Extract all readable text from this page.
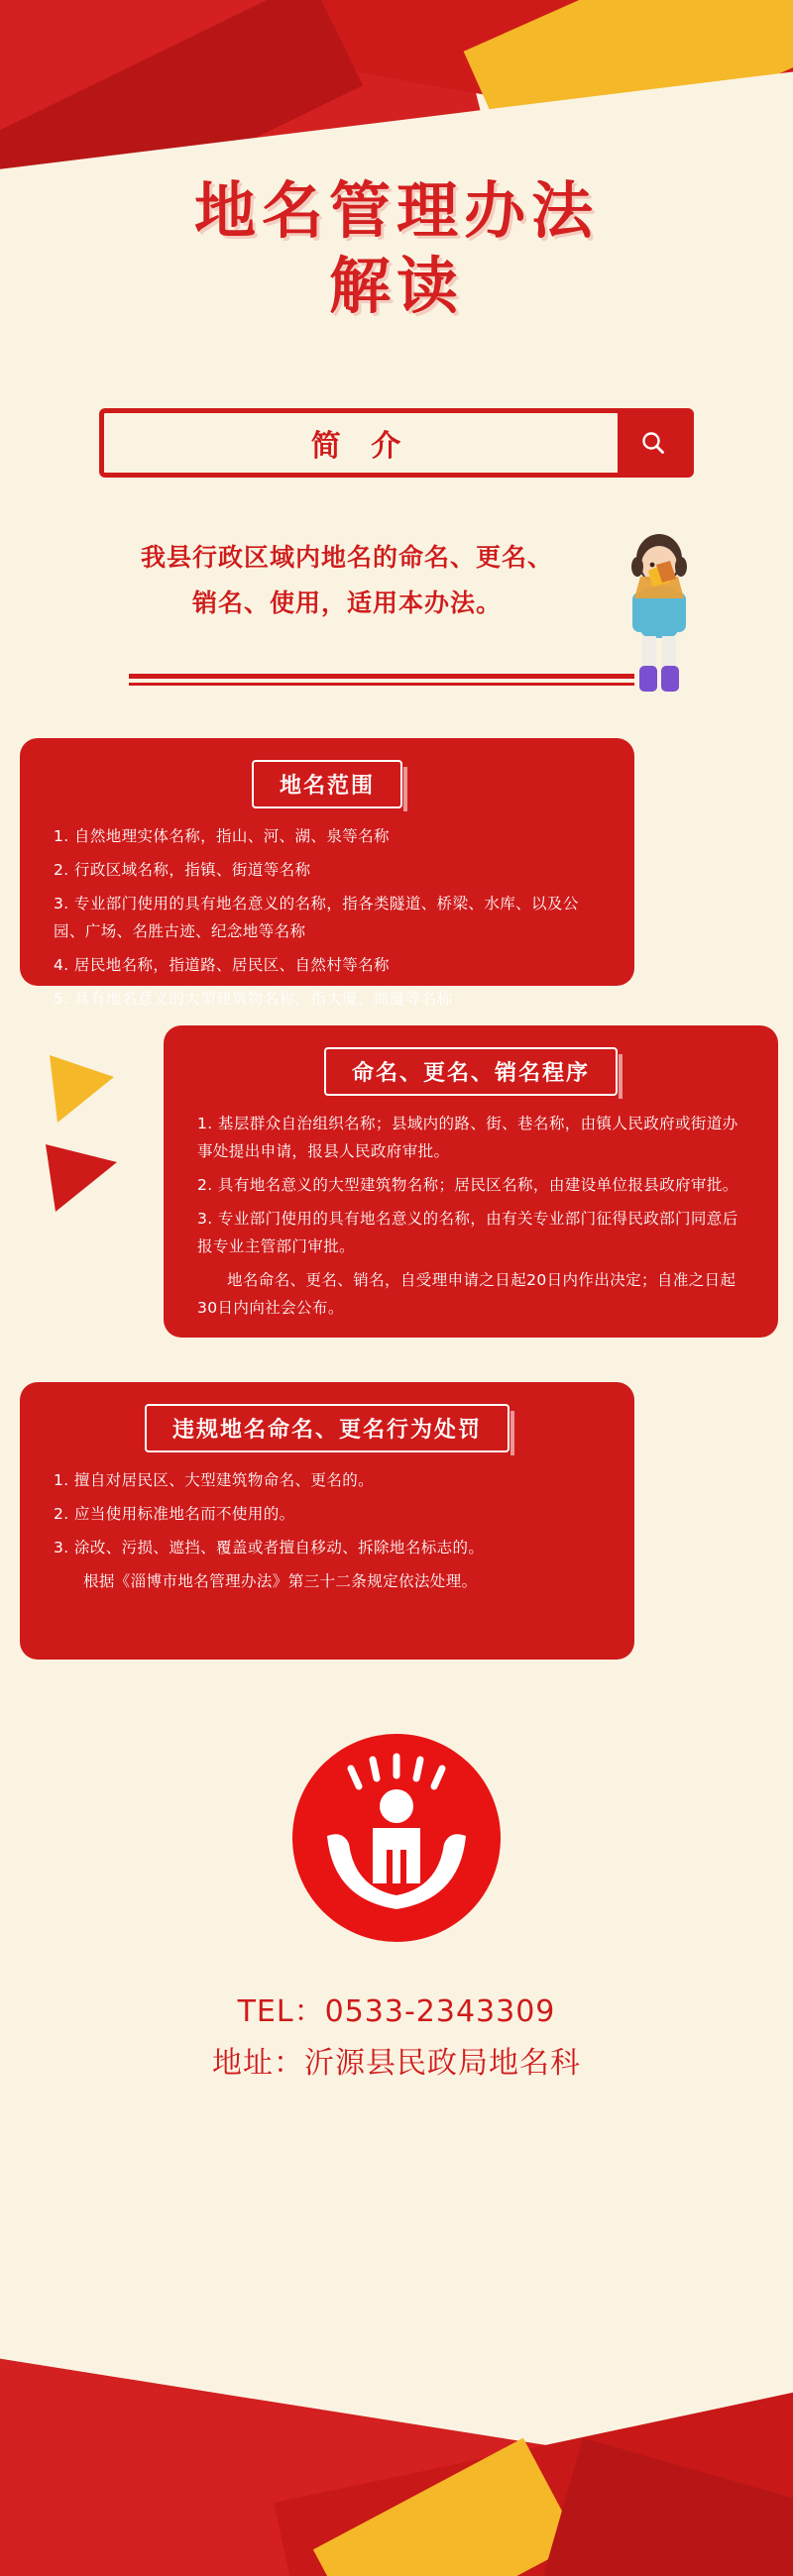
地名管理办法
解读
简 介
我县行政区域内地名的命名、更名、
销名、使用，适用本办法。
地名范围

1. 自然地理实体名称，指山、河、湖、泉等名称

2. 行政区域名称，指镇、街道等名称

3. 专业部门使用的具有地名意义的名称，指各类隧道、桥梁、水库、以及公园、广场、名胜古迹、纪念地等名称

4. 居民地名称，指道路、居民区、自然村等名称

5. 具有地名意义的大型建筑物名称，指大厦、商厦等名称

命名、更名、销名程序

1. 基层群众自治组织名称；县域内的路、街、巷名称，由镇人民政府或街道办事处提出申请，报县人民政府审批。

2. 具有地名意义的大型建筑物名称；居民区名称，由建设单位报县政府审批。

3. 专业部门使用的具有地名意义的名称，由有关专业部门征得民政部门同意后报专业主管部门审批。

地名命名、更名、销名，自受理申请之日起20日内作出决定；自准之日起30日内向社会公布。

违规地名命名、更名行为处罚

1. 擅自对居民区、大型建筑物命名、更名的。

2. 应当使用标准地名而不使用的。

3. 涂改、污损、遮挡、覆盖或者擅自移动、拆除地名标志的。

根据《淄博市地名管理办法》第三十二条规定依法处理。

TEL：0533-2343309
地址：沂源县民政局地名科
